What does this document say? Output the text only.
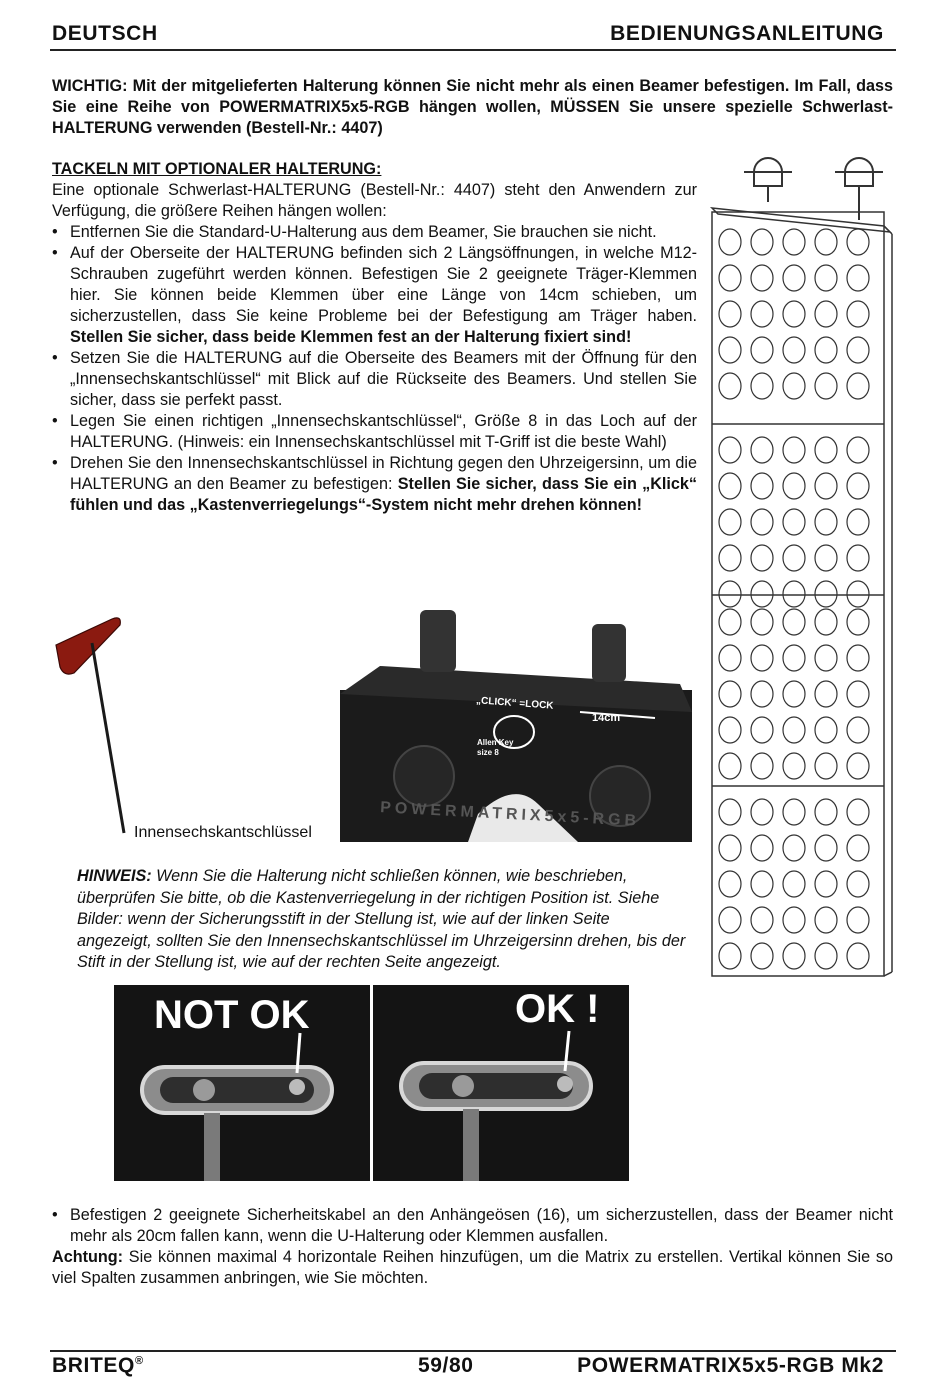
DEUTSCH	BEDIENUNGSANLEITUNG

WICHTIG: Mit der mitgelieferten Halterung können Sie nicht mehr als einen Beamer befestigen. Im Fall, dass Sie eine Reihe von POWERMATRIX5x5-RGB hängen wollen, MÜSSEN Sie unsere spezielle Schwerlast-HALTERUNG verwenden (Bestell-Nr.: 4407)

TACKELN MIT OPTIONALER HALTERUNG:

Eine optionale Schwerlast-HALTERUNG (Bestell-Nr.: 4407) steht den Anwendern zur Verfügung, die größere Reihen hängen wollen:

• Entfernen Sie die Standard-U-Halterung aus dem Beamer, Sie brauchen sie nicht.
• Auf der Oberseite der HALTERUNG befinden sich 2 Längsöffnungen, in welche M12-Schrauben zugeführt werden können. Befestigen Sie 2 geeignete Träger-Klemmen hier. Sie können beide Klemmen über eine Länge von 14cm schieben, um sicherzustellen, dass Sie keine Probleme bei der Befestigung am Träger haben. Stellen Sie sicher, dass beide Klemmen fest an der Halterung fixiert sind!
• Setzen Sie die HALTERUNG auf die Oberseite des Beamers mit der Öffnung für den „Innensechskantschlüssel“ mit Blick auf die Rückseite des Beamers. Und stellen Sie sicher, dass sie perfekt passt.
• Legen Sie einen richtigen „Innensechskantschlüssel“, Größe 8 in das Loch auf der HALTERUNG. (Hinweis: ein Innensechskantschlüssel mit T-Griff ist die beste Wahl)
• Drehen Sie den Innensechskantschlüssel in Richtung gegen den Uhrzeigersinn, um die HALTERUNG an den Beamer zu befestigen: Stellen Sie sicher, dass Sie ein „Klick“ fühlen und das „Kastenverriegelungs“-System nicht mehr drehen können!
Innensechskantschlüssel
„CLICK“ =LOCK
14cm
Allen Key
size 8
POWERMATRIX5x5-RGB

HINWEIS: Wenn Sie die Halterung nicht schließen können, wie beschrieben, überprüfen Sie bitte, ob die Kastenverriegelung in der richtigen Position ist. Siehe Bilder: wenn der Sicherungsstift in der Stellung ist, wie auf der linken Seite angezeigt, sollten Sie den Innensechskantschlüssel im Uhrzeigersinn drehen, bis der Stift in der Stellung ist, wie auf der rechten Seite angezeigt.

NOT OK	OK !
• Befestigen 2 geeignete Sicherheitskabel an den Anhängeösen (16), um sicherzustellen, dass der Beamer nicht mehr als 20cm fallen kann, wenn die U-Halterung oder Klemmen ausfallen.

Achtung: Sie können maximal 4 horizontale Reihen hinzufügen, um die Matrix zu erstellen. Vertikal können Sie so viel Spalten zusammen anbringen, wie Sie möchten.

BRITEQ®	59/80	POWERMATRIX5x5-RGB Mk2
